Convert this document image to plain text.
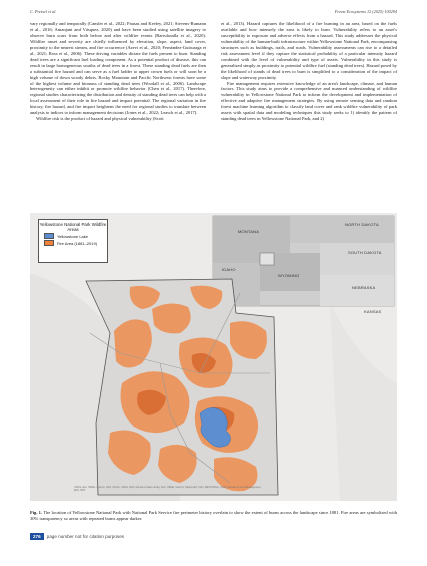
C. Pressel et al.	Forest Ecosystems 12 (2025) 100294

vary regionally and temporally (Cansler et al., 2022; Pausas and Keeley, 2021; Stevens-Rumann et al., 2016; Amanjani and Vásquez, 2020) and have been studied using satellite imagery to observe burn scars from both before and after wildfire events (Barrulasalla et al., 2020). Wildfire onset and severity are chiefly influenced by elevation, slope, aspect, land cover, proximity to the nearest stream, and fire occurrence (Azevi et al., 2020; Fernández-Guisuraga et al., 2021; Ross et al., 2006). These driving variables dictate the fuels present to burn. Standing dead trees are a significant fuel loading component. As a potential product of disease, this can result in large homogeneous swaths of dead trees in a forest. These standing dead fuels are then a substantial fire hazard and can serve as a fuel ladder to upper crown fuels or will soon be a high volume of down woody debris. Rocky Mountain and Pacific Northwest forests have some of the highest volume and biomass of standing dead trees (Woodall et al., 2006). Landscape heterogeneity can either inhibit or promote wildfire behavior (Chen et al., 2017). Therefore, regional studies characterizing the distribution and density of standing dead trees can help with a local assessment of their role in fire hazard and impact potential. The regional variation in fire history, fire hazard, and fire impact heightens the need for regional studies to translate between analysis to indices to inform management decisions (Jones et al., 2022; Leasch et al., 2017).

Wildfire risk is the product of hazard and physical vulnerability (Scott

et al., 2013). Hazard captures the likelihood of a fire burning in an area, based on the fuels available and how intensely the area is likely to burn. Vulnerability refers to an asset's susceptibility to exposure and adverse effects from a hazard. This study addresses the physical vulnerability of the human-built infrastructure within Yellowstone National Park, encompassing structures such as buildings, trails, and roads. Vulnerability assessments can rise to a detailed risk assessment level if they capture the statistical probability of a particular intensity hazard combined with the level of vulnerability and type of assets. Vulnerability in this study is generalized simply as proximity to potential wildfire fuel (standing dead trees). Hazard posed by the likelihood of stands of dead trees to burn is simplified to a consideration of the impact of slope and waterway proximity.

Fire management requires extensive knowledge of an area's landscape, climate, and human factors. This study aims to provide a comprehensive and nuanced understanding of wildfire vulnerability in Yellowstone National Park to inform the development and implementation of effective and adaptive fire management strategies. By using remote sensing data and random forest machine learning algorithm to classify land cover and rank wildfire vulnerability of park assets with spatial data and modeling techniques this study seeks to 1) identify the pattern of standing dead trees in Yellowstone National Park, and 2)

Yellowstone National Park Wildfire Areas
Yellowstone Lake
Fire Area (1881–2019)
NORTH DAKOTA
MONTANA
SOUTH DAKOTA
IDAHO
WYOMING
NEBRASKA
KANSAS
USGS, Esri, HERE, Garmin, FAO, NOAA, USGS, EPA, Montana State Library, Esri, HERE, Garmin, SafeGraph, FAO, METI/NASA, USGS, Bureau of Land Management, EPA, NPS
Fig. 1. The location of Yellowstone National Park with National Park Service fire perimeter history overlain to show the extent of burns across the landscape since 1881. Fire areas are symbolized with 30% transparency so areas with repeated burns appear darker.
276	page number not for citation purposes
